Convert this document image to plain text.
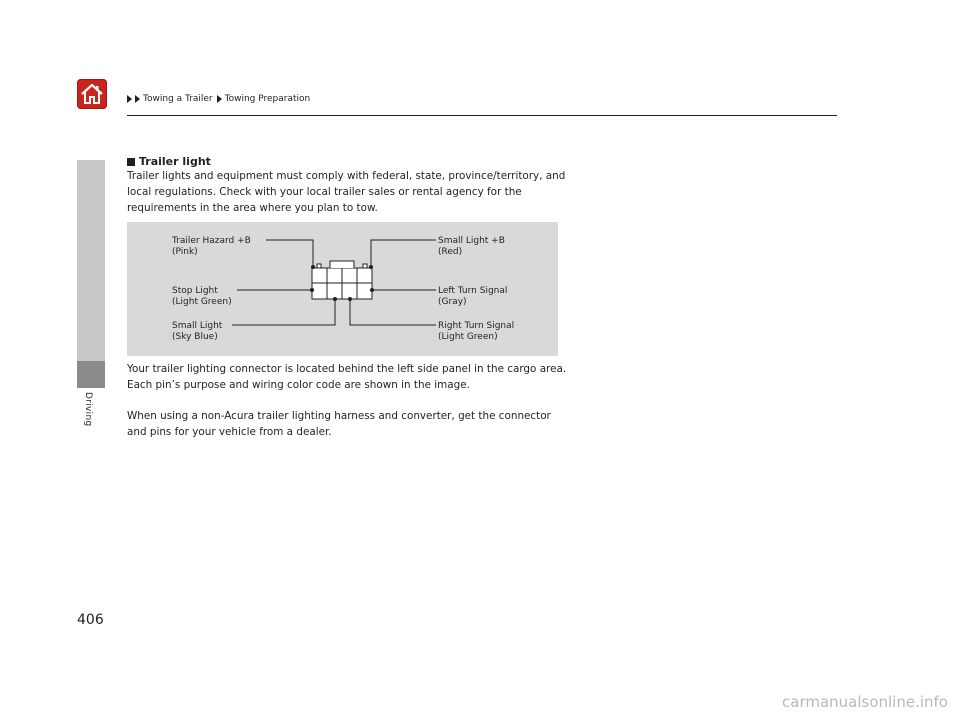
Towing a Trailer Towing Preparation
Driving
Trailer light
Trailer lights and equipment must comply with federal, state, province/territory, and local regulations. Check with your local trailer sales or rental agency for the requirements in the area where you plan to tow.
Trailer Hazard +B
(Pink)
Small Light +B
(Red)
Stop Light
(Light Green)
Left Turn Signal
(Gray)
Small Light
(Sky Blue)
Right Turn Signal
(Light Green)
Your trailer lighting connector is located behind the left side panel in the cargo area. Each pin’s purpose and wiring color code are shown in the image.
When using a non-Acura trailer lighting harness and converter, get the connector and pins for your vehicle from a dealer.
406
carmanualsonline.info
